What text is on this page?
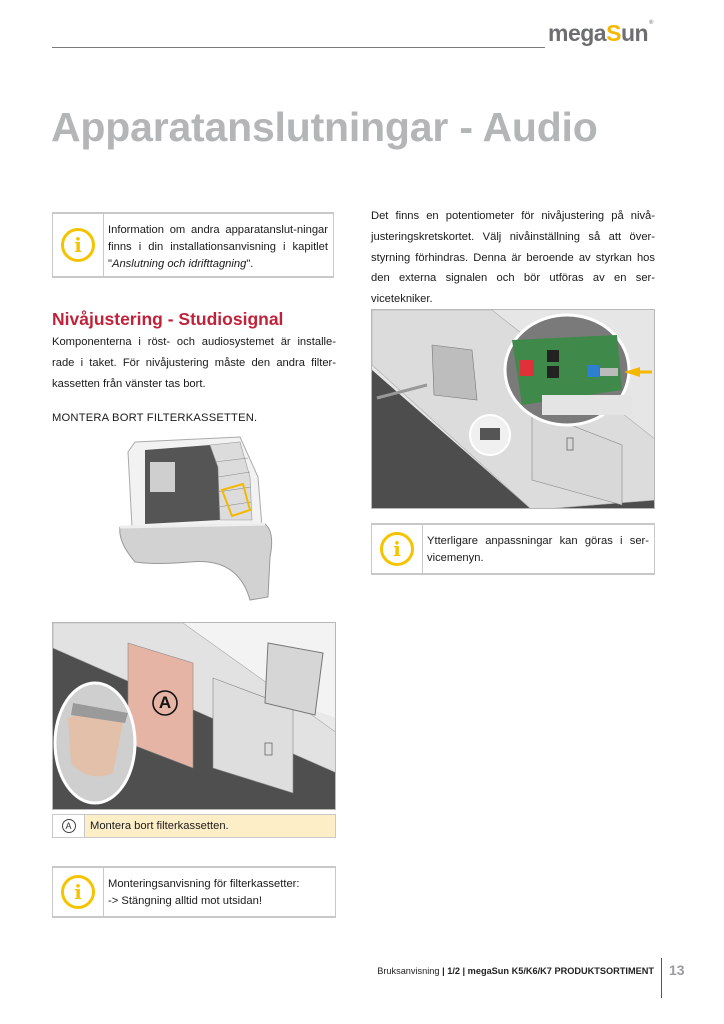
megaSun®
Apparatanslutningar - Audio
i
Information om andra apparatanslut-ningar finns i din installationsanvisning i kapitlet "Anslutning och idrifttagning".
Nivåjustering - Studiosignal

Komponenterna i röst- och audiosystemet är installe-rade i taket. För nivåjustering måste den andra filter-kassetten från vänster tas bort.

MONTERA BORT FILTERKASSETTEN.

A
A	Montera bort filterkassetten.
i	Monteringsanvisning för filterkassetter:
-> Stängning alltid mot utsidan!

Det finns en potentiometer för nivåjustering på nivå-justeringskretskortet. Välj nivåinställning så att över-styrning förhindras. Denna är beroende av styrkan hos den externa signalen och bör utföras av en ser-vicetekniker.

i	Ytterligare anpassningar kan göras i ser-vicemenyn.
Bruksanvisning | 1/2 | megaSun K5/K6/K7 PRODUKTSORTIMENT 13
